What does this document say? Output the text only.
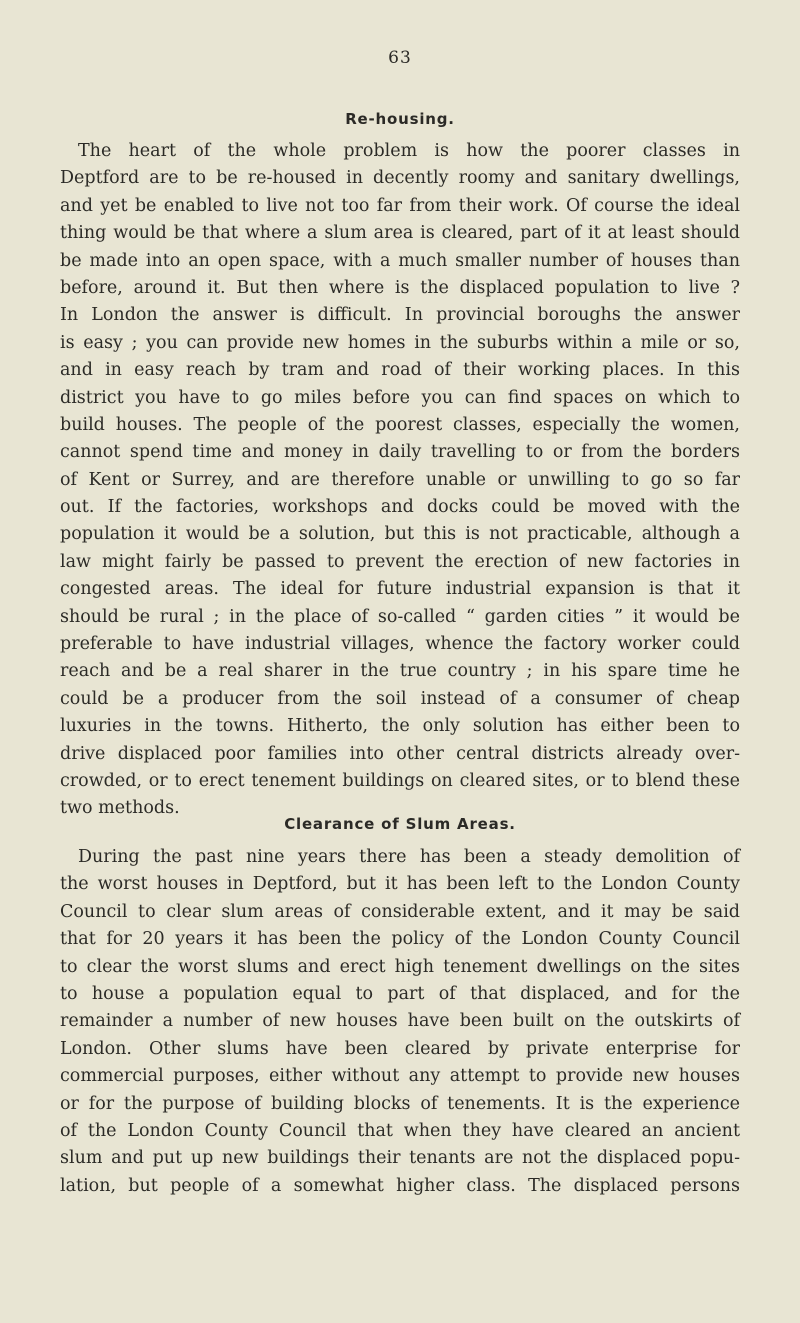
63
Re-housing.
The heart of the whole problem is how the poorer classes in
Deptford are to be re-housed in decently roomy and sanitary dwellings,
and yet be enabled to live not too far from their work. Of course the ideal
thing would be that where a slum area is cleared, part of it at least should
be made into an open space, with a much smaller number of houses than
before, around it. But then where is the displaced population to live ?
In London the answer is difficult. In provincial boroughs the answer
is easy ; you can provide new homes in the suburbs within a mile or so,
and in easy reach by tram and road of their working places. In this
district you have to go miles before you can find spaces on which to
build houses. The people of the poorest classes, especially the women,
cannot spend time and money in daily travelling to or from the borders
of Kent or Surrey, and are therefore unable or unwilling to go so far
out. If the factories, workshops and docks could be moved with the
population it would be a solution, but this is not practicable, although a
law might fairly be passed to prevent the erection of new factories in
congested areas. The ideal for future industrial expansion is that it
should be rural ; in the place of so-called “ garden cities ” it would be
preferable to have industrial villages, whence the factory worker could
reach and be a real sharer in the true country ; in his spare time he
could be a producer from the soil instead of a consumer of cheap
luxuries in the towns. Hitherto, the only solution has either been to
drive displaced poor families into other central districts already over-
crowded, or to erect tenement buildings on cleared sites, or to blend these
two methods.
Clearance of Slum Areas.
During the past nine years there has been a steady demolition of
the worst houses in Deptford, but it has been left to the London County
Council to clear slum areas of considerable extent, and it may be said
that for 20 years it has been the policy of the London County Council
to clear the worst slums and erect high tenement dwellings on the sites
to house a population equal to part of that displaced, and for the
remainder a number of new houses have been built on the outskirts of
London. Other slums have been cleared by private enterprise for
commercial purposes, either without any attempt to provide new houses
or for the purpose of building blocks of tenements. It is the experience
of the London County Council that when they have cleared an ancient
slum and put up new buildings their tenants are not the displaced popu-
lation, but people of a somewhat higher class. The displaced persons
